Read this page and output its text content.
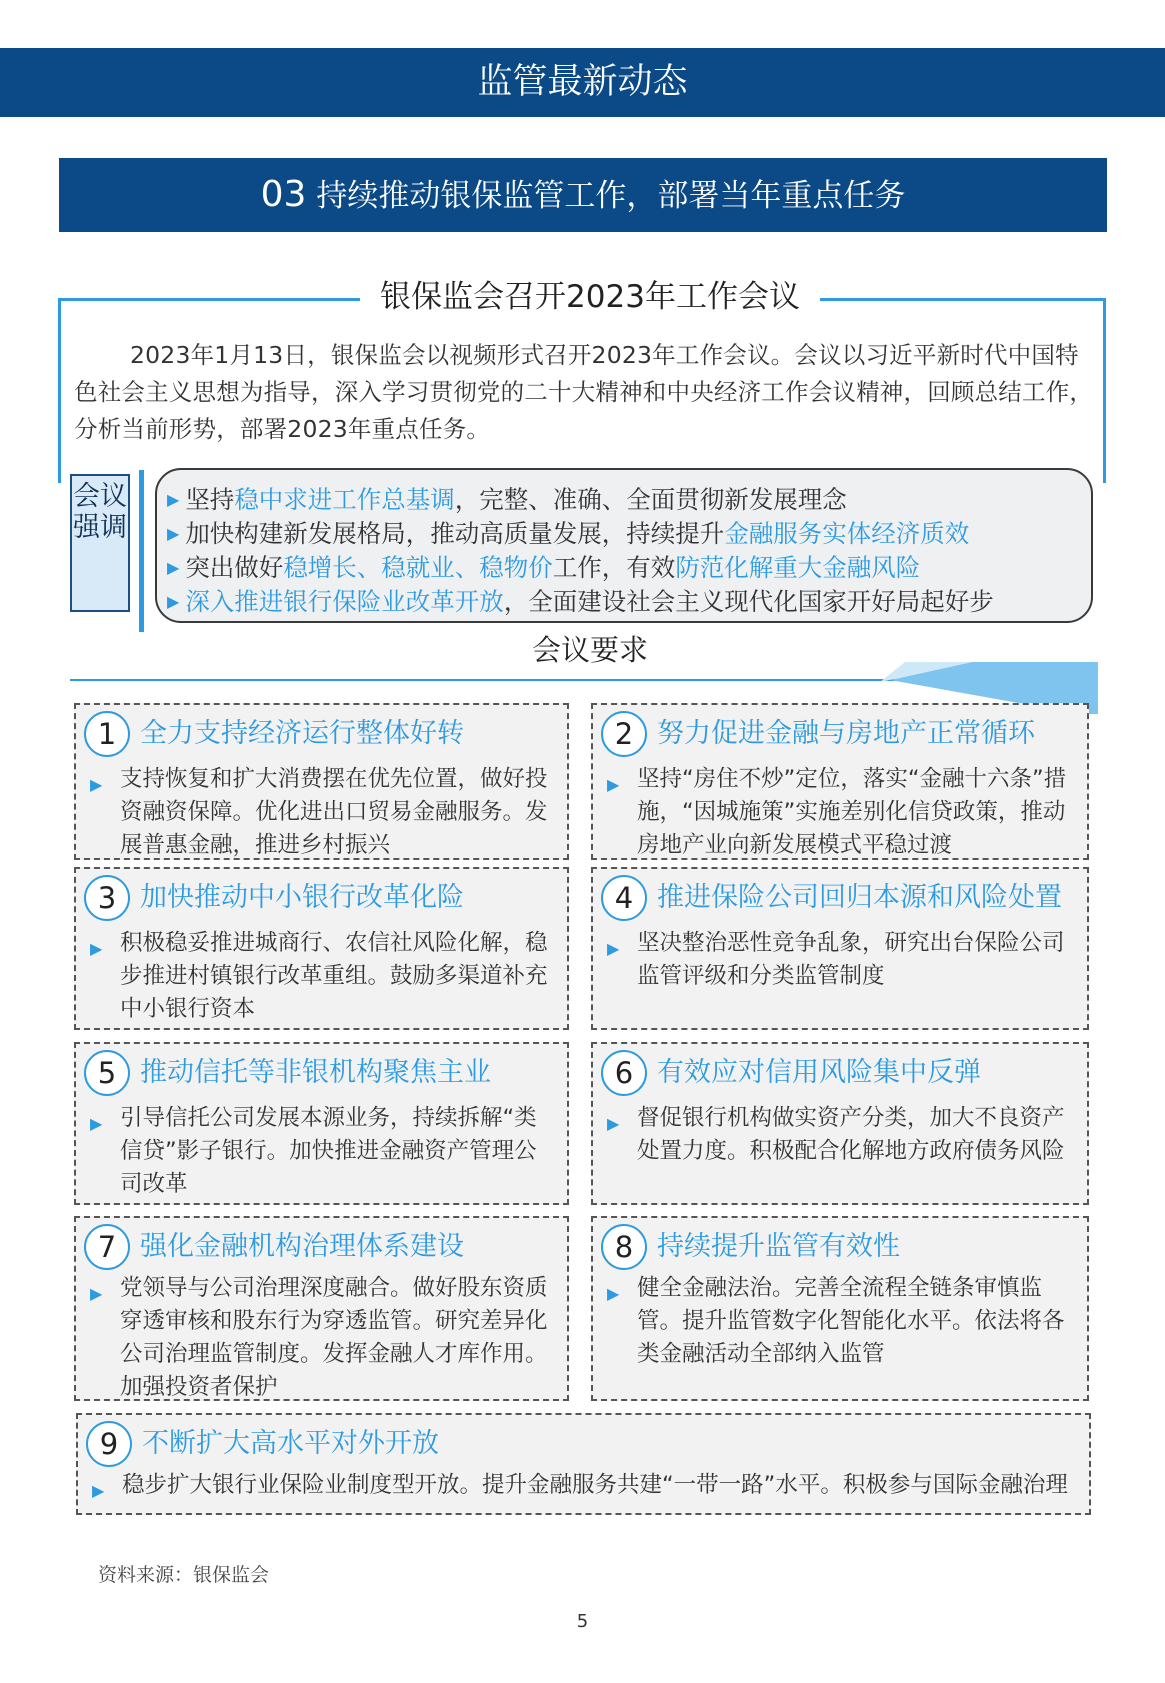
监管最新动态
03 持续推动银保监管工作，部署当年重点任务
银保监会召开2023年工作会议
2023年1月13日，银保监会以视频形式召开2023年工作会议。会议以习近平新时代中国特色社会主义思想为指导，深入学习贯彻党的二十大精神和中央经济工作会议精神，回顾总结工作，分析当前形势，部署2023年重点任务。
会议强调
▶ 坚持稳中求进工作总基调，完整、准确、全面贯彻新发展理念
▶ 加快构建新发展格局，推动高质量发展，持续提升金融服务实体经济质效
▶ 突出做好稳增长、稳就业、稳物价工作，有效防范化解重大金融风险
▶ 深入推进银行保险业改革开放，全面建设社会主义现代化国家开好局起好步
会议要求
1 全力支持经济运行整体好转
▶ 支持恢复和扩大消费摆在优先位置，做好投资融资保障。优化进出口贸易金融服务。发展普惠金融，推进乡村振兴
2 努力促进金融与房地产正常循环
▶ 坚持“房住不炒”定位，落实“金融十六条”措施，“因城施策”实施差别化信贷政策，推动房地产业向新发展模式平稳过渡
3 加快推动中小银行改革化险
▶ 积极稳妥推进城商行、农信社风险化解，稳步推进村镇银行改革重组。鼓励多渠道补充中小银行资本
4 推进保险公司回归本源和风险处置
▶ 坚决整治恶性竞争乱象，研究出台保险公司监管评级和分类监管制度
5 推动信托等非银机构聚焦主业
▶ 引导信托公司发展本源业务，持续拆解“类信贷”影子银行。加快推进金融资产管理公司改革
6 有效应对信用风险集中反弹
▶ 督促银行机构做实资产分类，加大不良资产处置力度。积极配合化解地方政府债务风险
7 强化金融机构治理体系建设
▶ 党领导与公司治理深度融合。做好股东资质穿透审核和股东行为穿透监管。研究差异化公司治理监管制度。发挥金融人才库作用。加强投资者保护
8 持续提升监管有效性
▶ 健全金融法治。完善全流程全链条审慎监管。提升监管数字化智能化水平。依法将各类金融活动全部纳入监管
9 不断扩大高水平对外开放
▶ 稳步扩大银行业保险业制度型开放。提升金融服务共建“一带一路”水平。积极参与国际金融治理
资料来源：银保监会
5
